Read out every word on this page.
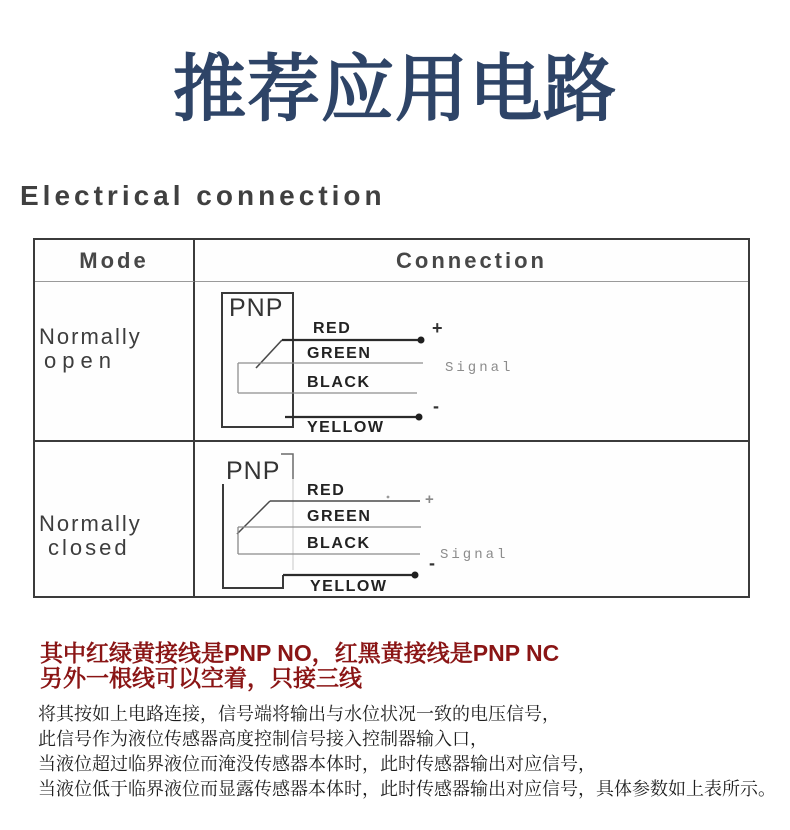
推荐应用电路
Electrical connection
Mode	Connection
Normally
open
PNP
+
RED
GREEN
Signal
BLACK
-
YELLOW
Normally
closed
PNP
+
RED
GREEN
BLACK
Signal
-
YELLOW
其中红绿黄接线是PNP NO，红黑黄接线是PNP NC
另外一根线可以空着，只接三线
将其按如上电路连接，信号端将输出与水位状况一致的电压信号，
此信号作为液位传感器高度控制信号接入控制器输入口，
当液位超过临界液位而淹没传感器本体时，此时传感器输出对应信号，
当液位低于临界液位而显露传感器本体时，此时传感器输出对应信号，具体参数如上表所示。
